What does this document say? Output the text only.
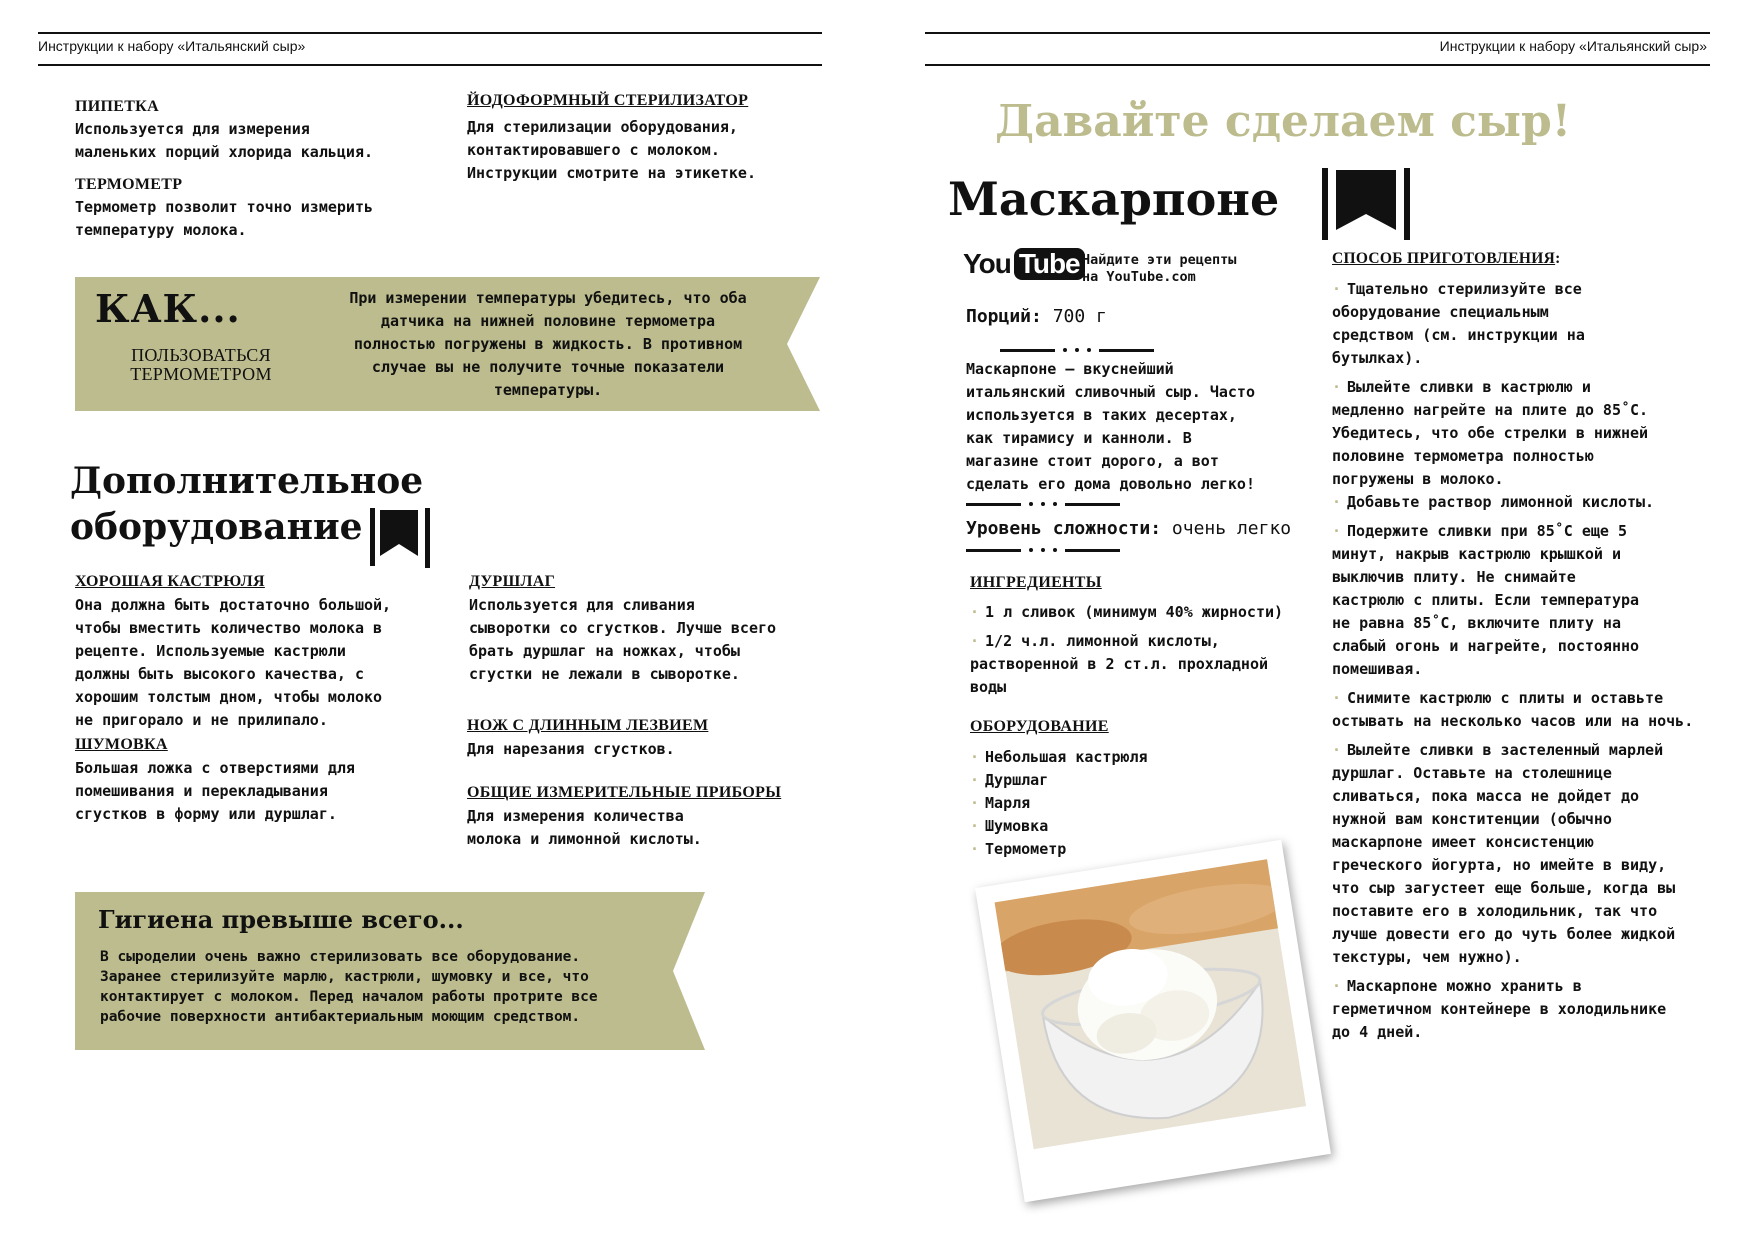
Инструкции к набору «Итальянский сыр»

ПИПЕТКА

Используется для измерения
маленьких порций хлорида кальция.

ЙОДОФОРМНЫЙ СТЕРИЛИЗАТОР

Для стерилизации оборудования,
контактировавшего с молоком.
Инструкции смотрите на этикетке.

ТЕРМОМЕТР

Термометр позволит точно измерить
температуру молока.

КАК...
ПОЛЬЗОВАТЬСЯ
ТЕРМОМЕТРОМ

При измерении температуры убедитесь, что оба
датчика на нижней половине термометра
полностью погружены в жидкость. В противном
случае вы не получите точные показатели
температуры.

Дополнительное
оборудование

ХОРОШАЯ КАСТРЮЛЯ

Она должна быть достаточно большой,
чтобы вместить количество молока в
рецепте. Используемые кастрюли
должны быть высокого качества, с
хорошим толстым дном, чтобы молоко
не пригорало и не прилипало.

ДУРШЛАГ

Используется для сливания
сыворотки со сгустков. Лучше всего
брать дуршлаг на ножках, чтобы
сгустки не лежали в сыворотке.

ШУМОВКА

Большая ложка с отверстиями для
помешивания и перекладывания
сгустков в форму или дуршлаг.

НОЖ С ДЛИННЫМ ЛЕЗВИЕМ

Для нарезания сгустков.

ОБЩИЕ ИЗМЕРИТЕЛЬНЫЕ ПРИБОРЫ

Для измерения количества
молока и лимонной кислоты.

Гигиена превыше всего...

В сыроделии очень важно стерилизовать все оборудование.
Заранее стерилизуйте марлю, кастрюли, шумовку и все, что
контактирует с молоком. Перед началом работы протрите все
рабочие поверхности антибактериальным моющим средством.

Инструкции к набору «Итальянский сыр»
Давайте сделаем сыр!
Маскарпоне
You Tube Найдите эти рецепты
на YouTube.com

Порций: 700 г

Маскарпоне – вкуснейший
итальянский сливочный сыр. Часто
используется в таких десертах,
как тирамису и канноли. В
магазине стоит дорого, а вот
сделать его дома довольно легко!

Уровень сложности: очень легко

ИНГРЕДИЕНТЫ

· 1 л сливок (минимум 40% жирности)

· 1/2 ч.л. лимонной кислоты,
растворенной в 2 ст.л. прохладной
воды

ОБОРУДОВАНИЕ

· Небольшая кастрюля

· Дуршлаг

· Марля

· Шумовка

· Термометр

СПОСОБ ПРИГОТОВЛЕНИЯ:

· Тщательно стерилизуйте все
оборудование специальным
средством (см. инструкции на
бутылках).

· Вылейте сливки в кастрюлю и
медленно нагрейте на плите до 85˚С.
Убедитесь, что обе стрелки в нижней
половине термометра полностью
погружены в молоко.

· Добавьте раствор лимонной кислоты.

· Подержите сливки при 85˚С еще 5
минут, накрыв кастрюлю крышкой и
выключив плиту. Не снимайте
кастрюлю с плиты. Если температура
не равна 85˚С, включите плиту на
слабый огонь и нагрейте, постоянно
помешивая.

· Снимите кастрюлю с плиты и оставьте
остывать на несколько часов или на ночь.

· Вылейте сливки в застеленный марлей
дуршлаг. Оставьте на столешнице
сливаться, пока масса не дойдет до
нужной вам конститенции (обычно
маскарпоне имеет консистенцию
греческого йогурта, но имейте в виду,
что сыр загустеет еще больше, когда вы
поставите его в холодильник, так что
лучше довести его до чуть более жидкой
текстуры, чем нужно).

· Маскарпоне можно хранить в
герметичном контейнере в холодильнике
до 4 дней.
